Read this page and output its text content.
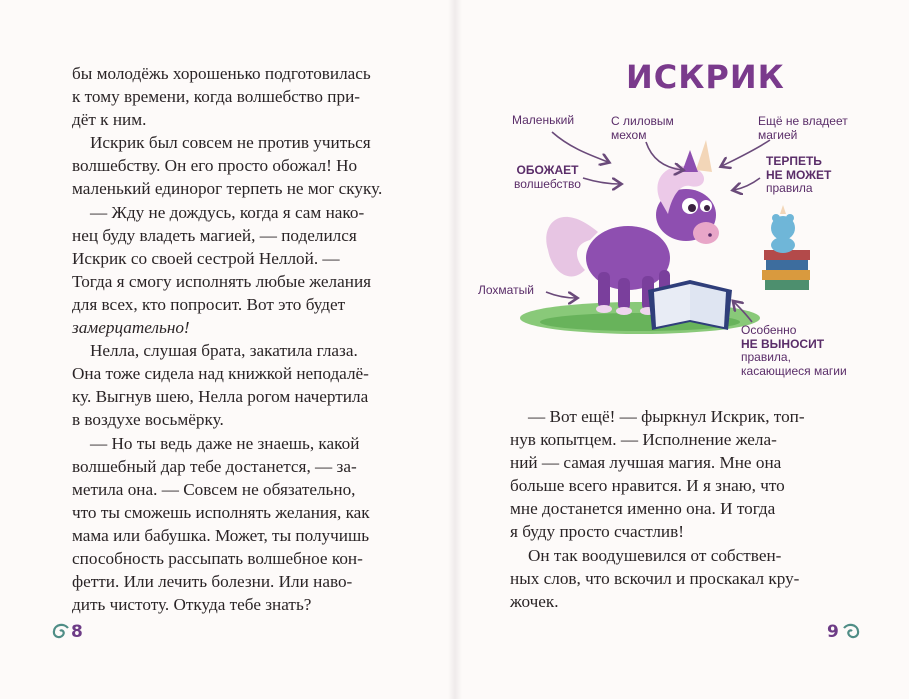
бы молодёжь хорошенько подготовилась
к тому времени, когда волшебство при-
дёт к ним.

Искрик был совсем не против учиться
волшебству. Он его просто обожал! Но
маленький единорог терпеть не мог скуку.

— Жду не дождусь, когда я сам нако-
нец буду владеть магией, — поделился
Искрик со своей сестрой Неллой. —
Тогда я смогу исполнять любые желания
для всех, кто попросит. Вот это будет
замерцательно!

Нелла, слушая брата, закатила глаза.
Она тоже сидела над книжкой неподалё-
ку. Выгнув шею, Нелла рогом начертила
в воздухе восьмёрку.

— Но ты ведь даже не знаешь, какой
волшебный дар тебе достанется, — за-
метила она. — Совсем не обязательно,
что ты сможешь исполнять желания, как
мама или бабушка. Может, ты получишь
способность рассыпать волшебное кон-
фетти. Или лечить болезни. Или наво-
дить чистоту. Откуда тебе знать?

ИСКРИК
Маленький	С лиловым
мехом
Ещё не владеет
магией
ОБОЖАЕТ
волшебство
ТЕРПЕТЬ
НЕ МОЖЕТ
правила
Лохматый
Особенно
НЕ ВЫНОСИТ
правила,
касающиеся магии

— Вот ещё! — фыркнул Искрик, топ-
нув копытцем. — Исполнение жела-
ний — самая лучшая магия. Мне она
больше всего нравится. И я знаю, что
мне достанется именно она. И тогда
я буду просто счастлив!

Он так воодушевился от собствен-
ных слов, что вскочил и проскакал кру-
жочек.

8	9
